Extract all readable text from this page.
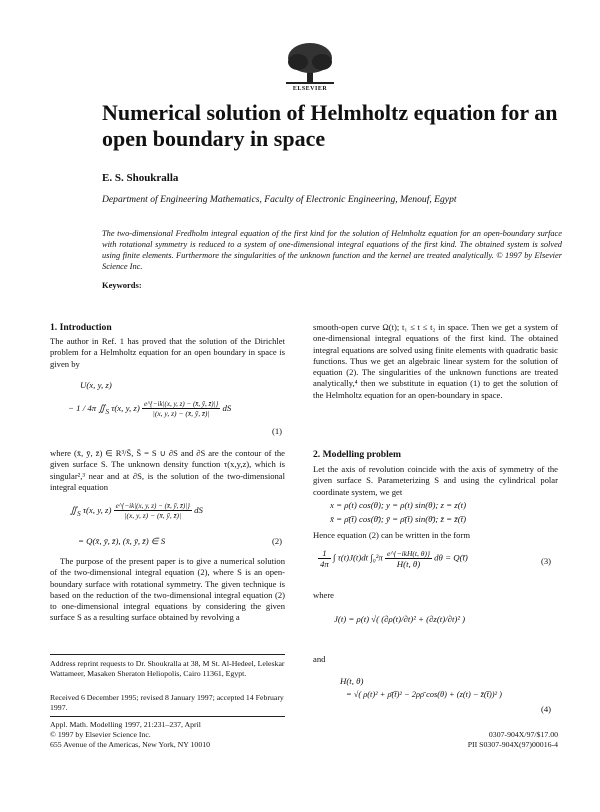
ELSEVIER
Numerical solution of Helmholtz equation for an open boundary in space
E. S. Shoukralla
Department of Engineering Mathematics, Faculty of Electronic Engineering, Menouf, Egypt

The two-dimensional Fredholm integral equation of the first kind for the solution of Helmholtz equation for an open-boundary surface with rotational symmetry is reduced to a system of one-dimensional integral equations of the first kind. The obtained system is solved using finite elements. Furthermore the singularities of the unknown function and the kernel are treated analytically. © 1997 by Elsevier Science Inc.

Keywords:
1. Introduction

The author in Ref. 1 has proved that the solution of the Dirichlet problem for a Helmholtz equation for an open boundary in space is given by

U(x, y, z)
− 1 / 4π $∬_S$ τ(x, y, $z) \frac{e\^{}\{-ik|(x, y, z) - (x̄, ȳ, z̄)|\}}{|(x, y, z) - (x̄, ȳ, z̄)|}$ dS
(1)

where (x̄, ȳ, z̄) ∈ R³/S̄, S̄ = S ∪ ∂S and ∂S are the contour of the given surface S. The unknown density function τ(x,y,z), which is singular²,³ near and at ∂S, is the solution of the two-dimensional integral equation

$∬_S$ τ(x, y, $z) \frac{e\^{}\{-ik|(x, y, z) - (x̄, ȳ, z̄)|\}}{|(x, y, z) - (x̄, ȳ, z̄)|}$ dS
= Q(x̄, ȳ, z̄), (x̄, ȳ, z̄) ∈ S	(2)

The purpose of the present paper is to give a numerical solution of the two-dimensional integral equation (2), where S is an open-boundary surface with rotational symmetry. The given technique is based on the reduction of the two-dimensional integral equation (2) to one-dimensional integral equations by considering the given surface S as a resulting surface obtained by revolving a

Address reprint requests to Dr. Shoukralla at 38, M St. Al-Hedeel, Leleskar Wattameer, Masaken Sheraton Heliopolis, Cairo 11361, Egypt.

Received 6 December 1995; revised 8 January 1997; accepted 14 February 1997.

Appl. Math. Modelling 1997, 21:231–237, April
© 1997 by Elsevier Science Inc.
655 Avenue of the Americas, New York, NY 10010

smooth-open curve Ω(t); t₁ ≤ t ≤ t₂ in space. Then we get a system of one-dimensional integral equations of the first kind. The obtained integral equations are solved using finite elements with quadratic basic functions. Thus we get an algebraic linear system for the solution of equation (2). The singularities of the unknown functions are treated analytically,⁴ then we substitute in equation (1) to get the solution of the Helmholtz equation for an open-boundary in space.

2. Modelling problem

Let the axis of revolution coincide with the axis of symmetry of the given surface S. Parameterizing S and using the cylindrical polar coordinate system, we get

x = ρ(t) cos(θ); y = ρ(t) sin(θ); z = z(t)
x̄ = ρ̄(t̄) cos(θ̄); ȳ = ρ̄(t̄) sin(θ̄); z̄ = z̄(t̄)

Hence equation (2) can be written in the form

$\frac{1}{4\pi}$ ∫ τ(t)J(t)dt $\int_0^2\pi \frac{\text{e\textasciicircum{}\{−ikH(t, θ)\}}}{H(t, \theta)}$ dθ = Q(t̄)	(3)
where
J(t) = ρ(t) √( (∂ρ(t)/∂t)² + (∂z(t)/∂t)² )
and
H(t, θ)
= √( ρ(t)² + ρ̄(t̄)² − 2ρρ̄ cos(θ) + (z(t) − z̄(t̄))² )
(4)
0307-904X/97/$17.00
PII S0307-904X(97)00016-4
